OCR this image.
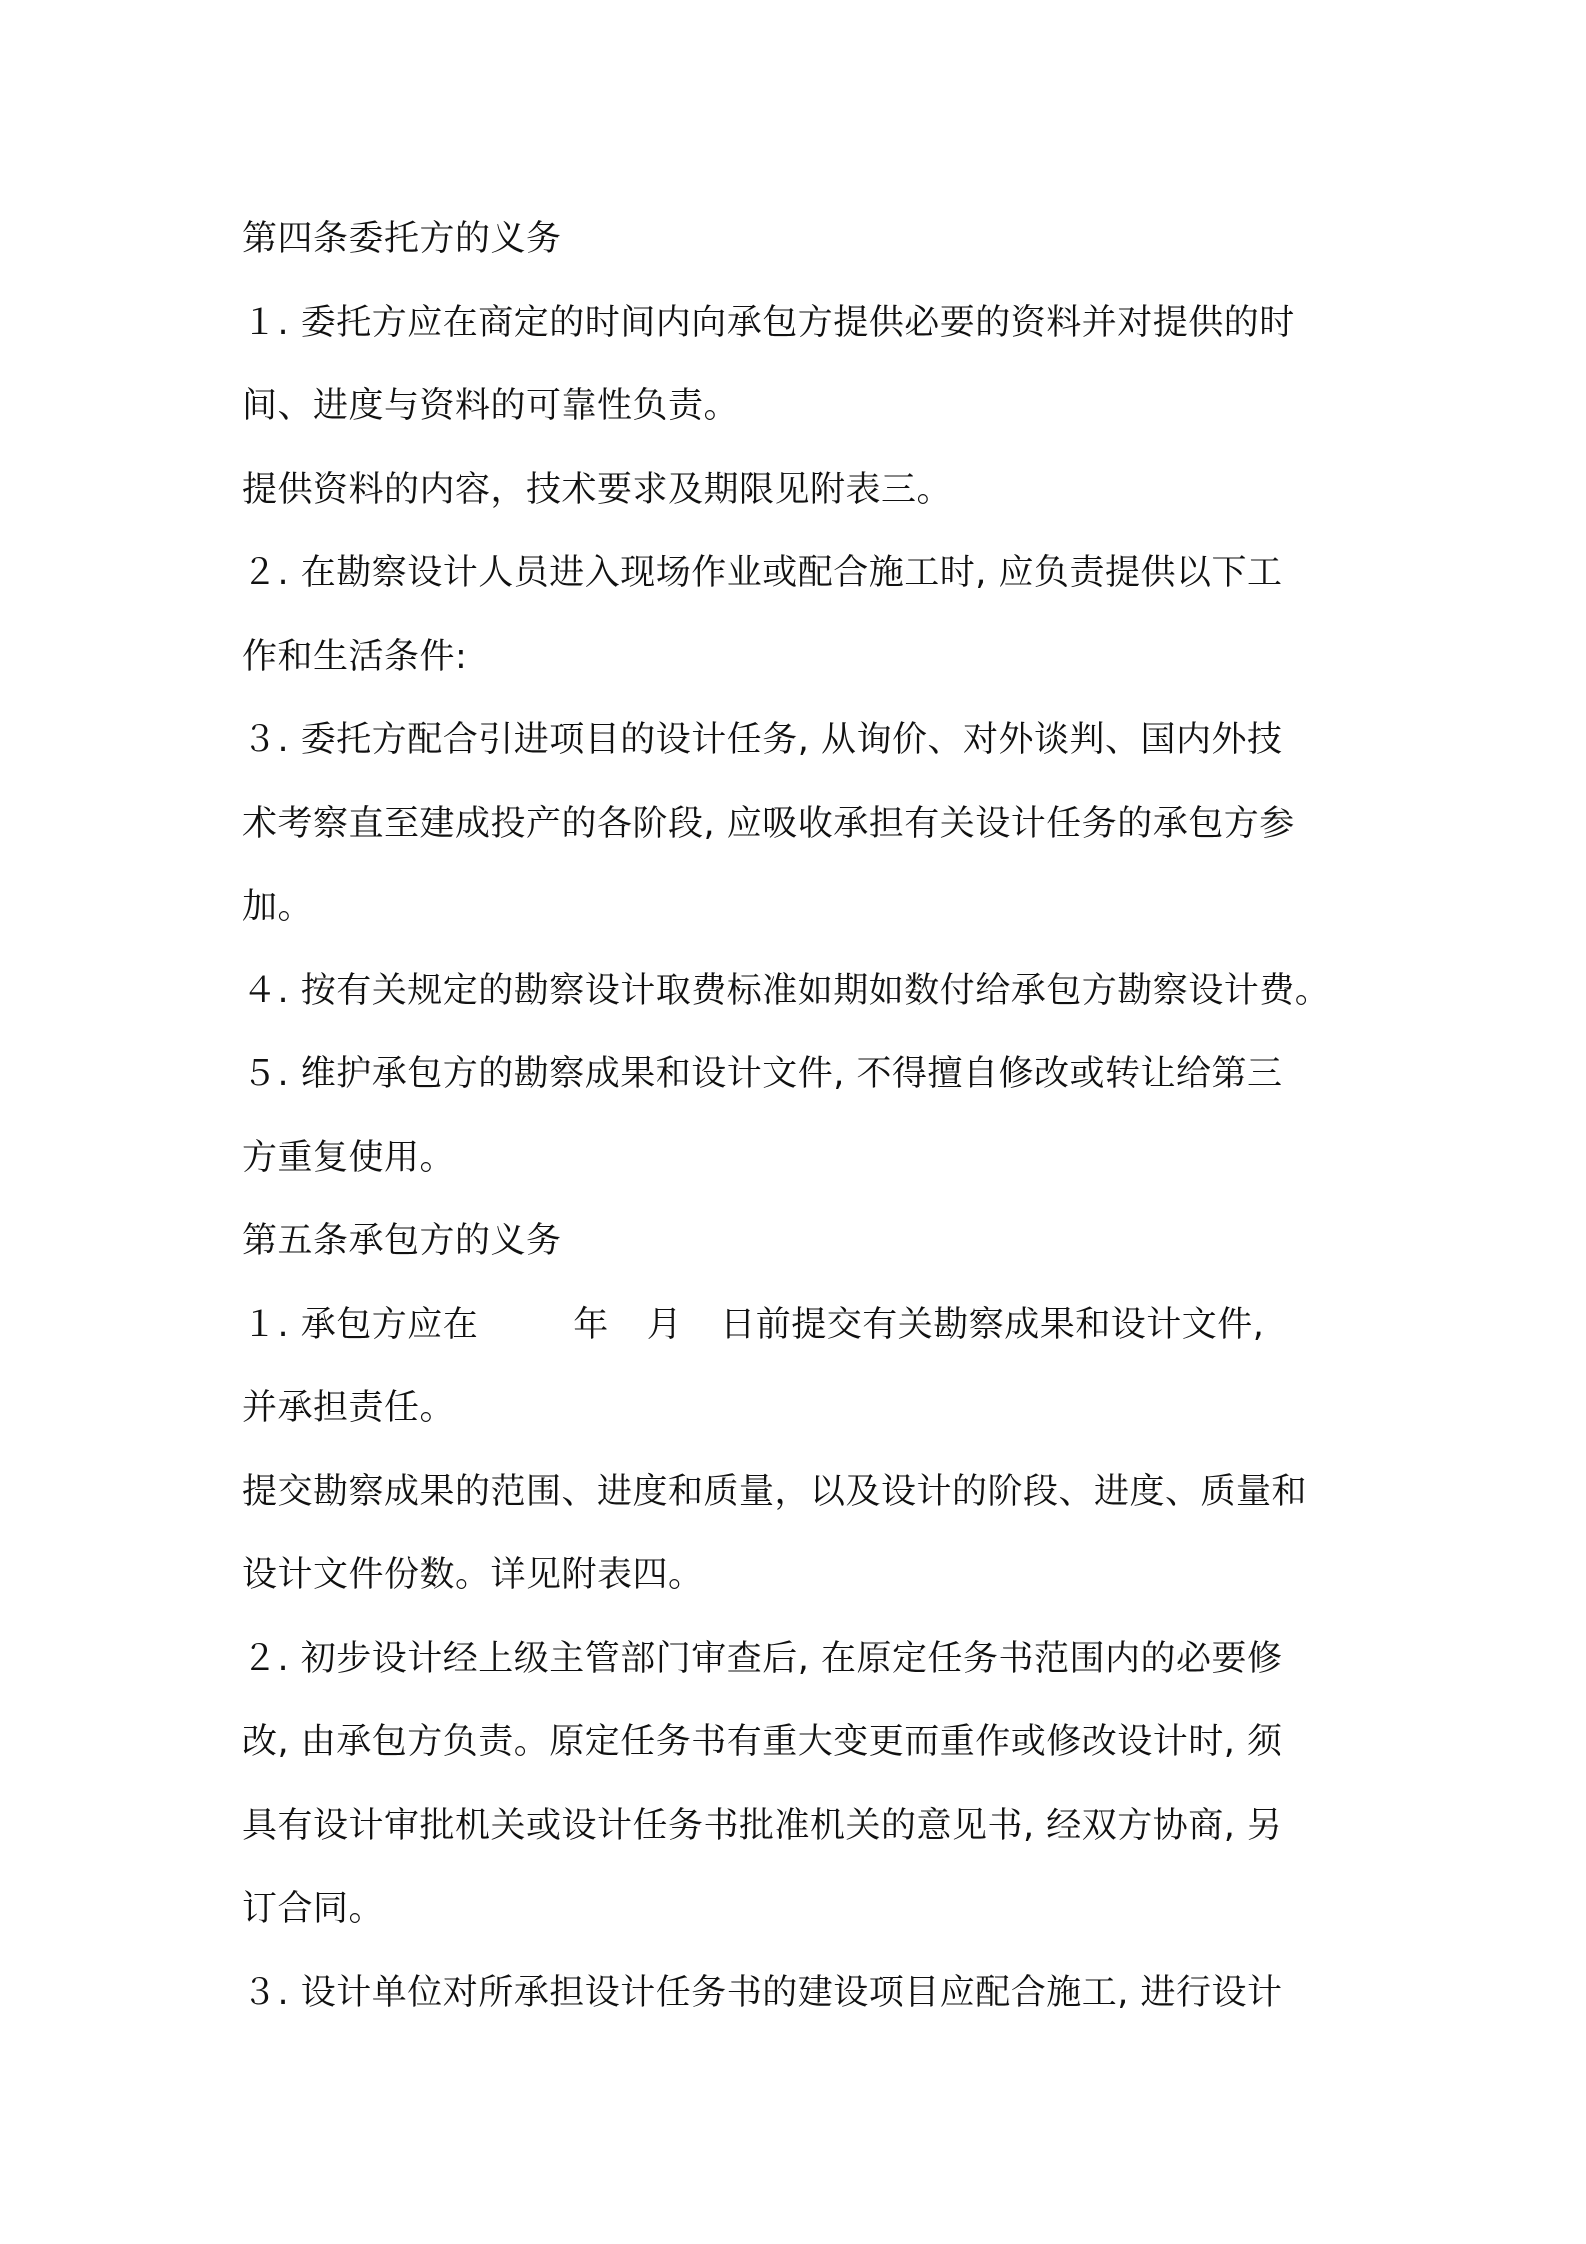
第四条委托方的义务
１. 委托方应在商定的时间内向承包方提供必要的资料并对提供的时
间、进度与资料的可靠性负责。
提供资料的内容，技术要求及期限见附表三。
２. 在勘察设计人员进入现场作业或配合施工时, 应负责提供以下工
作和生活条件:
３. 委托方配合引进项目的设计任务, 从询价、对外谈判、国内外技
术考察直至建成投产的各阶段, 应吸收承担有关设计任务的承包方参
加。
４. 按有关规定的勘察设计取费标准如期如数付给承包方勘察设计费。
５. 维护承包方的勘察成果和设计文件, 不得擅自修改或转让给第三
方重复使用。
第五条承包方的义务
１. 承包方应在	年 月 日前提交有关勘察成果和设计文件,
并承担责任。
提交勘察成果的范围、进度和质量，以及设计的阶段、进度、质量和
设计文件份数。详见附表四。
２. 初步设计经上级主管部门审查后, 在原定任务书范围内的必要修
改, 由承包方负责。原定任务书有重大变更而重作或修改设计时, 须
具有设计审批机关或设计任务书批准机关的意见书, 经双方协商, 另
订合同。
３. 设计单位对所承担设计任务书的建设项目应配合施工, 进行设计
